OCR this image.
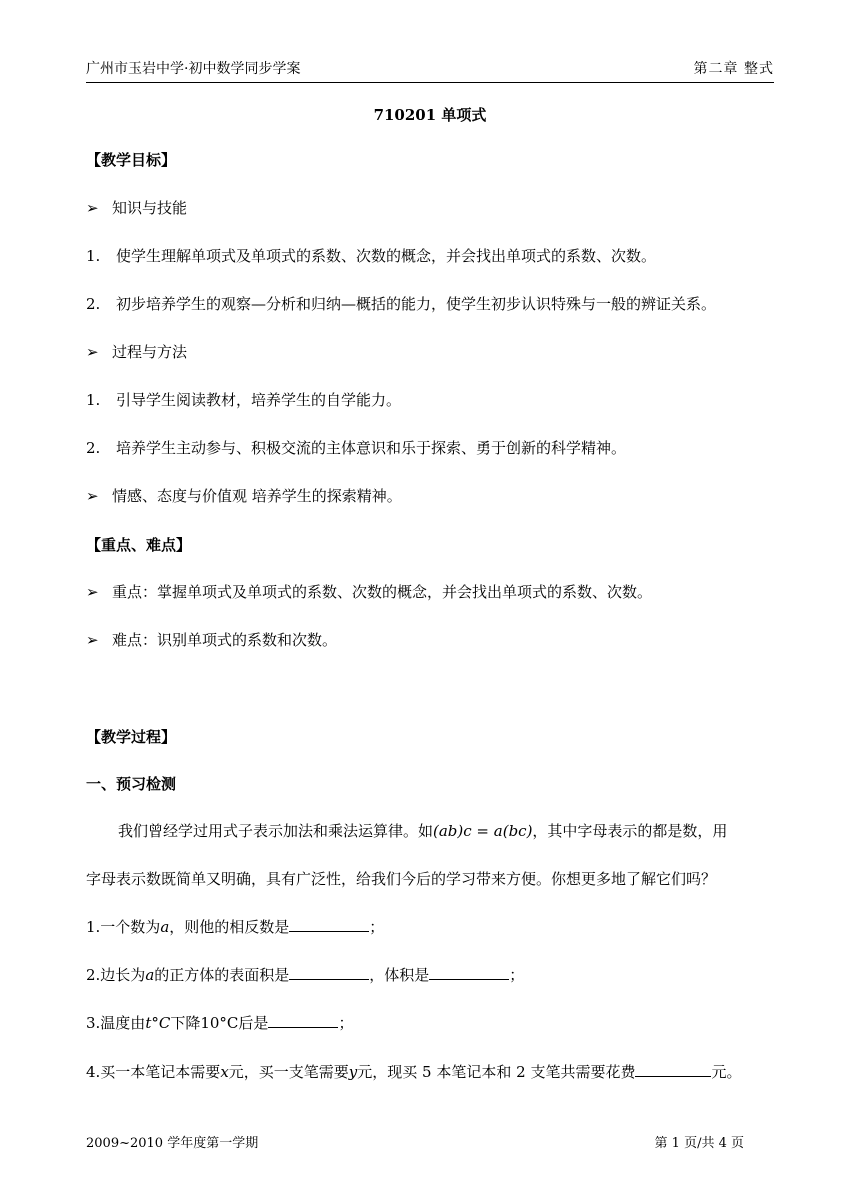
广州市玉岩中学·初中数学同步学案	第二章 整式
710201 单项式
【教学目标】
➢ 知识与技能
1. 使学生理解单项式及单项式的系数、次数的概念，并会找出单项式的系数、次数。
2. 初步培养学生的观察—分析和归纳—概括的能力，使学生初步认识特殊与一般的辨证关系。
➢ 过程与方法
1. 引导学生阅读教材，培养学生的自学能力。
2. 培养学生主动参与、积极交流的主体意识和乐于探索、勇于创新的科学精神。
➢ 情感、态度与价值观 培养学生的探索精神。
【重点、难点】
➢ 重点：掌握单项式及单项式的系数、次数的概念，并会找出单项式的系数、次数。
➢ 难点：识别单项式的系数和次数。
【教学过程】
一、预习检测
我们曾经学过用式子表示加法和乘法运算律。如(ab)c = a(bc)，其中字母表示的都是数，用
字母表示数既简单又明确，具有广泛性，给我们今后的学习带来方便。你想更多地了解它们吗？
1.一个数为a，则他的相反数是	；
2.边长为a的正方体的表面积是	，体积是	；
3.温度由t°C下降10°C后是	；
4.买一本笔记本需要x元，买一支笔需要y元，现买 5 本笔记本和 2 支笔共需要花费	元。
2009~2010 学年度第一学期	第 1 页/共 4 页
